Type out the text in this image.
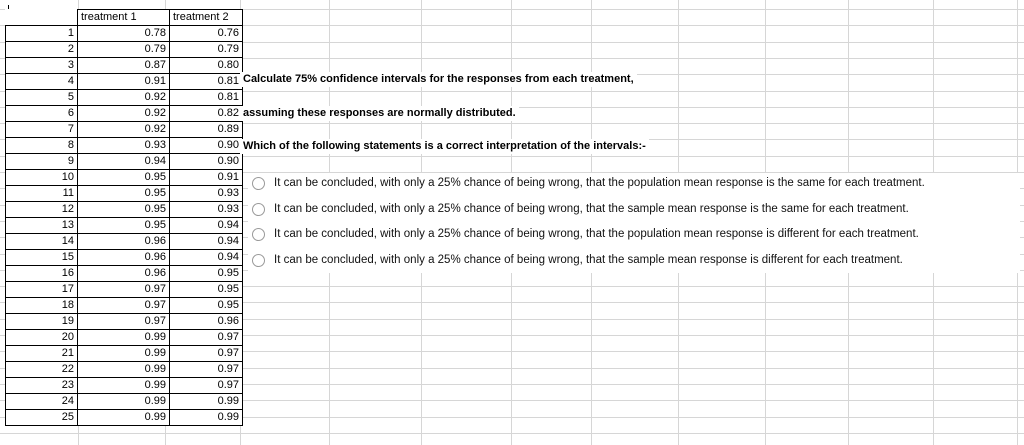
	treatment 1	treatment 2
1	0.78	0.76
2	0.79	0.79
3	0.87	0.80
4	0.91	0.81
5	0.92	0.81
6	0.92	0.82
7	0.92	0.89
8	0.93	0.90
9	0.94	0.90
10	0.95	0.91
11	0.95	0.93
12	0.95	0.93
13	0.95	0.94
14	0.96	0.94
15	0.96	0.94
16	0.96	0.95
17	0.97	0.95
18	0.97	0.95
19	0.97	0.96
20	0.99	0.97
21	0.99	0.97
22	0.99	0.97
23	0.99	0.97
24	0.99	0.99
25	0.99	0.99
Calculate 75% confidence intervals for the responses from each treatment,
assuming these responses are normally distributed.
Which of the following statements is a correct interpretation of the intervals:-
It can be concluded, with only a 25% chance of being wrong, that the population mean response is the same for each treatment.
It can be concluded, with only a 25% chance of being wrong, that the sample mean response is the same for each treatment.
It can be concluded, with only a 25% chance of being wrong, that the population mean response is different for each treatment.
It can be concluded, with only a 25% chance of being wrong, that the sample mean response is different for each treatment.
